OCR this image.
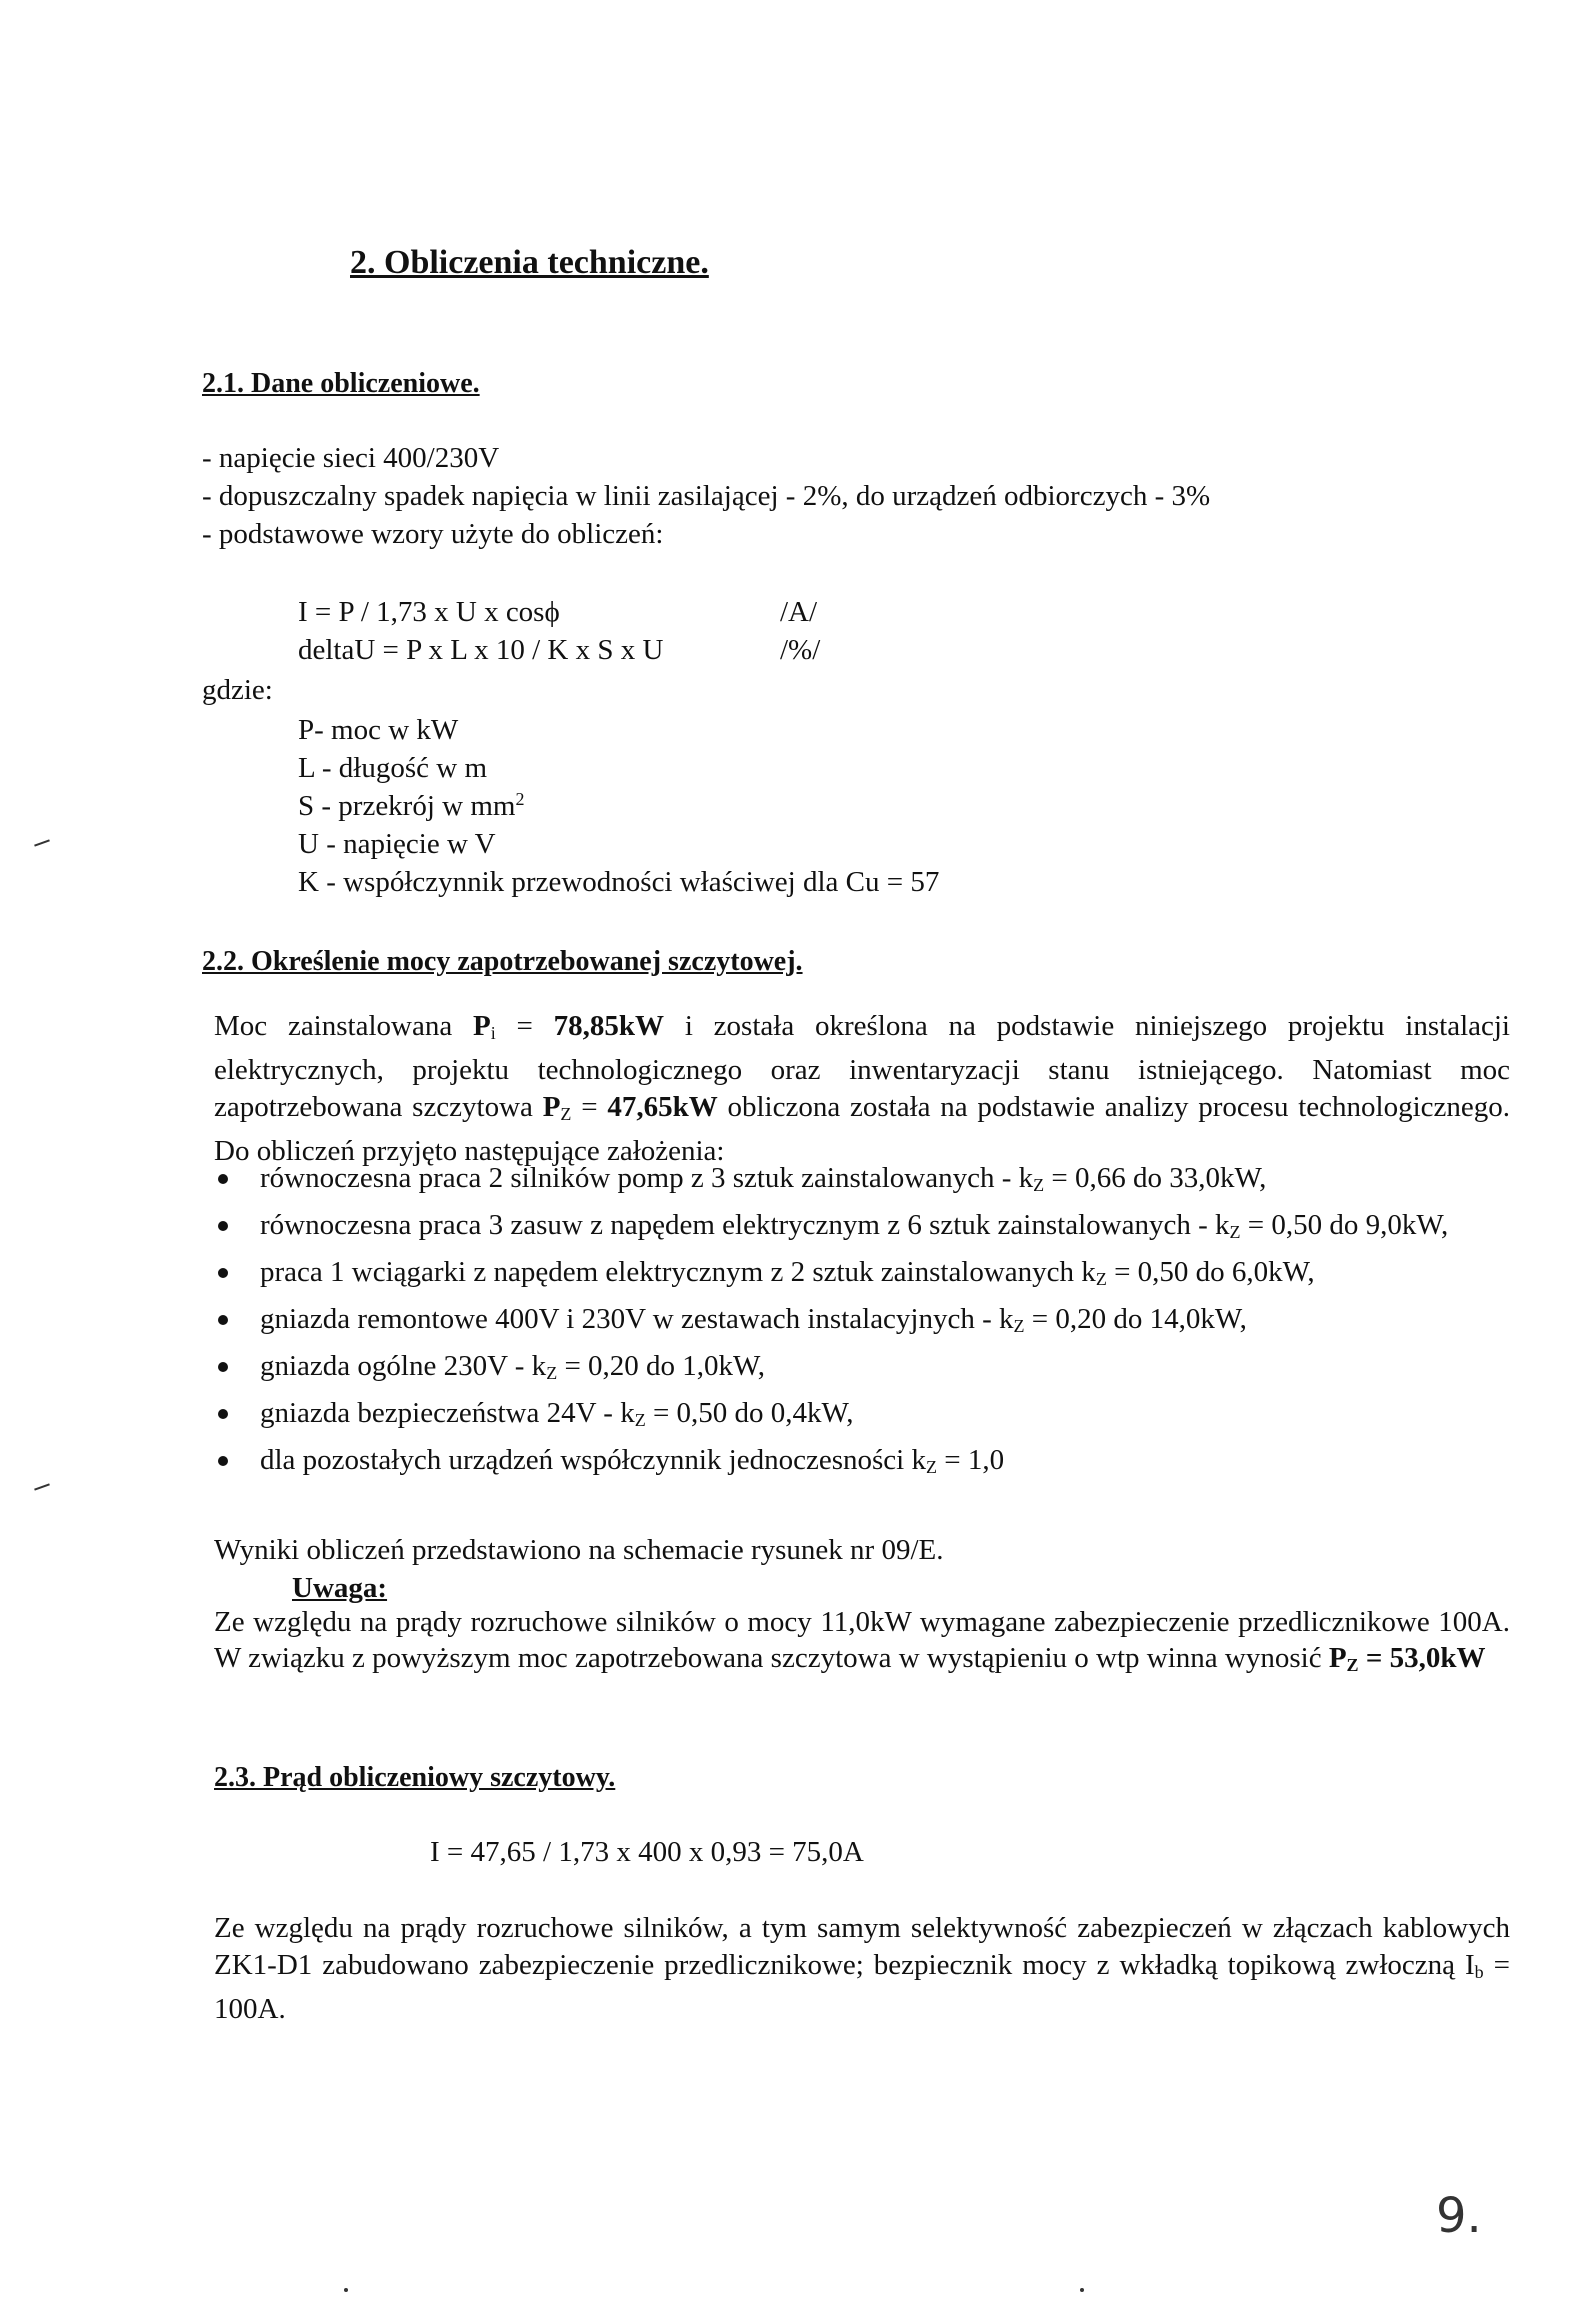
2. Obliczenia techniczne.
2.1. Dane obliczeniowe.
- napięcie sieci 400/230V
- dopuszczalny spadek napięcia w linii zasilającej - 2%, do urządzeń odbiorczych - 3%
- podstawowe wzory użyte do obliczeń:
I = P / 1,73 x U x cosϕ	/A/
deltaU = P x L x 10 / K x S x U	/%/
gdzie:
P- moc w kW
L - długość w m
S - przekrój w $mm^2$
U - napięcie w V
K - współczynnik przewodności właściwej dla Cu = 57
2.2. Określenie mocy zapotrzebowanej szczytowej.
Moc zainstalowana $P_i = 78,85kW$ i została określona na podstawie niniejszego projektu instalacji elektrycznych, projektu technologicznego oraz inwentaryzacji stanu istniejącego. Natomiast moc zapotrzebowana szczytowa $P_Z = 47,65kW$ obliczona została na podstawie analizy procesu technologicznego. Do obliczeń przyjęto następujące założenia:
równoczesna praca 2 silników pomp z 3 sztuk zainstalowanych - $k_Z = 0,66$ do 33,0kW,
równoczesna praca 3 zasuw z napędem elektrycznym z 6 sztuk zainstalowanych - $k_Z = 0,50$ do 9,0kW,
praca 1 wciągarki z napędem elektrycznym z 2 sztuk zainstalowanych $k_Z = 0,50$ do 6,0kW,
gniazda remontowe 400V i 230V w zestawach instalacyjnych - $k_Z = 0,20$ do 14,0kW,
gniazda ogólne $230V - k_Z = 0,20$ do 1,0kW,
gniazda bezpieczeństwa $24V - k_Z = 0,50$ do 0,4kW,
dla pozostałych urządzeń współczynnik jednoczesności $k_Z = 1,0$
Wyniki obliczeń przedstawiono na schemacie rysunek nr 09/E.
Uwaga:
Ze względu na prądy rozruchowe silników o mocy 11,0kW wymagane zabezpieczenie przedlicznikowe 100A. W związku z powyższym moc zapotrzebowana szczytowa w wystąpieniu o wtp winna wynosić $P_Z = 53,0kW$
2.3. Prąd obliczeniowy szczytowy.
I = 47,65 / 1,73 x 400 x 0,93 = 75,0A
Ze względu na prądy rozruchowe silników, a tym samym selektywność zabezpieczeń w złączach kablowych ZK1-D1 zabudowano zabezpieczenie przedlicznikowe; bezpiecznik mocy z wkładką topikową zwłoczną $I_b = 100A$.
9.
